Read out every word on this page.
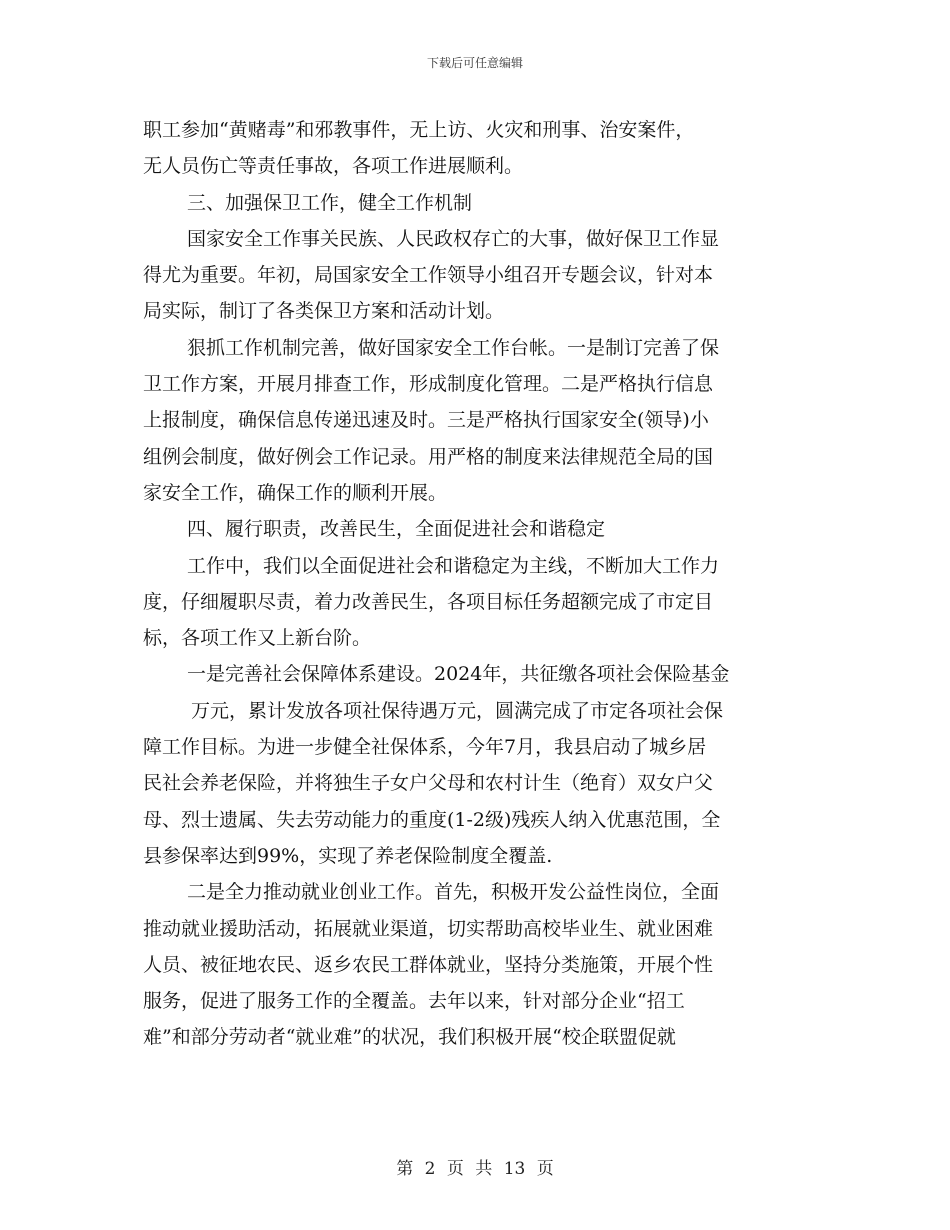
下载后可任意编辑
职工参加“黄赌毒”和邪教事件，无上访、火灾和刑事、治安案件，
无人员伤亡等责任事故，各项工作进展顺利。
三、加强保卫工作，健全工作机制
国家安全工作事关民族、人民政权存亡的大事，做好保卫工作显
得尤为重要。年初，局国家安全工作领导小组召开专题会议，针对本
局实际，制订了各类保卫方案和活动计划。
狠抓工作机制完善，做好国家安全工作台帐。一是制订完善了保
卫工作方案，开展月排查工作，形成制度化管理。二是严格执行信息
上报制度，确保信息传递迅速及时。三是严格执行国家安全(领导)小
组例会制度，做好例会工作记录。用严格的制度来法律规范全局的国
家安全工作，确保工作的顺利开展。
四、履行职责，改善民生，全面促进社会和谐稳定
工作中，我们以全面促进社会和谐稳定为主线，不断加大工作力
度，仔细履职尽责，着力改善民生，各项目标任务超额完成了市定目
标，各项工作又上新台阶。
一是完善社会保障体系建设。2024年，共征缴各项社会保险基金
万元，累计发放各项社保待遇万元，圆满完成了市定各项社会保
障工作目标。为进一步健全社保体系，今年7月，我县启动了城乡居
民社会养老保险，并将独生子女户父母和农村计生（绝育）双女户父
母、烈士遗属、失去劳动能力的重度(1-2级)残疾人纳入优惠范围，全
县参保率达到99%，实现了养老保险制度全覆盖.
二是全力推动就业创业工作。首先，积极开发公益性岗位，全面
推动就业援助活动，拓展就业渠道，切实帮助高校毕业生、就业困难
人员、被征地农民、返乡农民工群体就业，坚持分类施策，开展个性
服务，促进了服务工作的全覆盖。去年以来，针对部分企业“招工
难”和部分劳动者“就业难”的状况，我们积极开展“校企联盟促就
第 2 页 共 13 页
